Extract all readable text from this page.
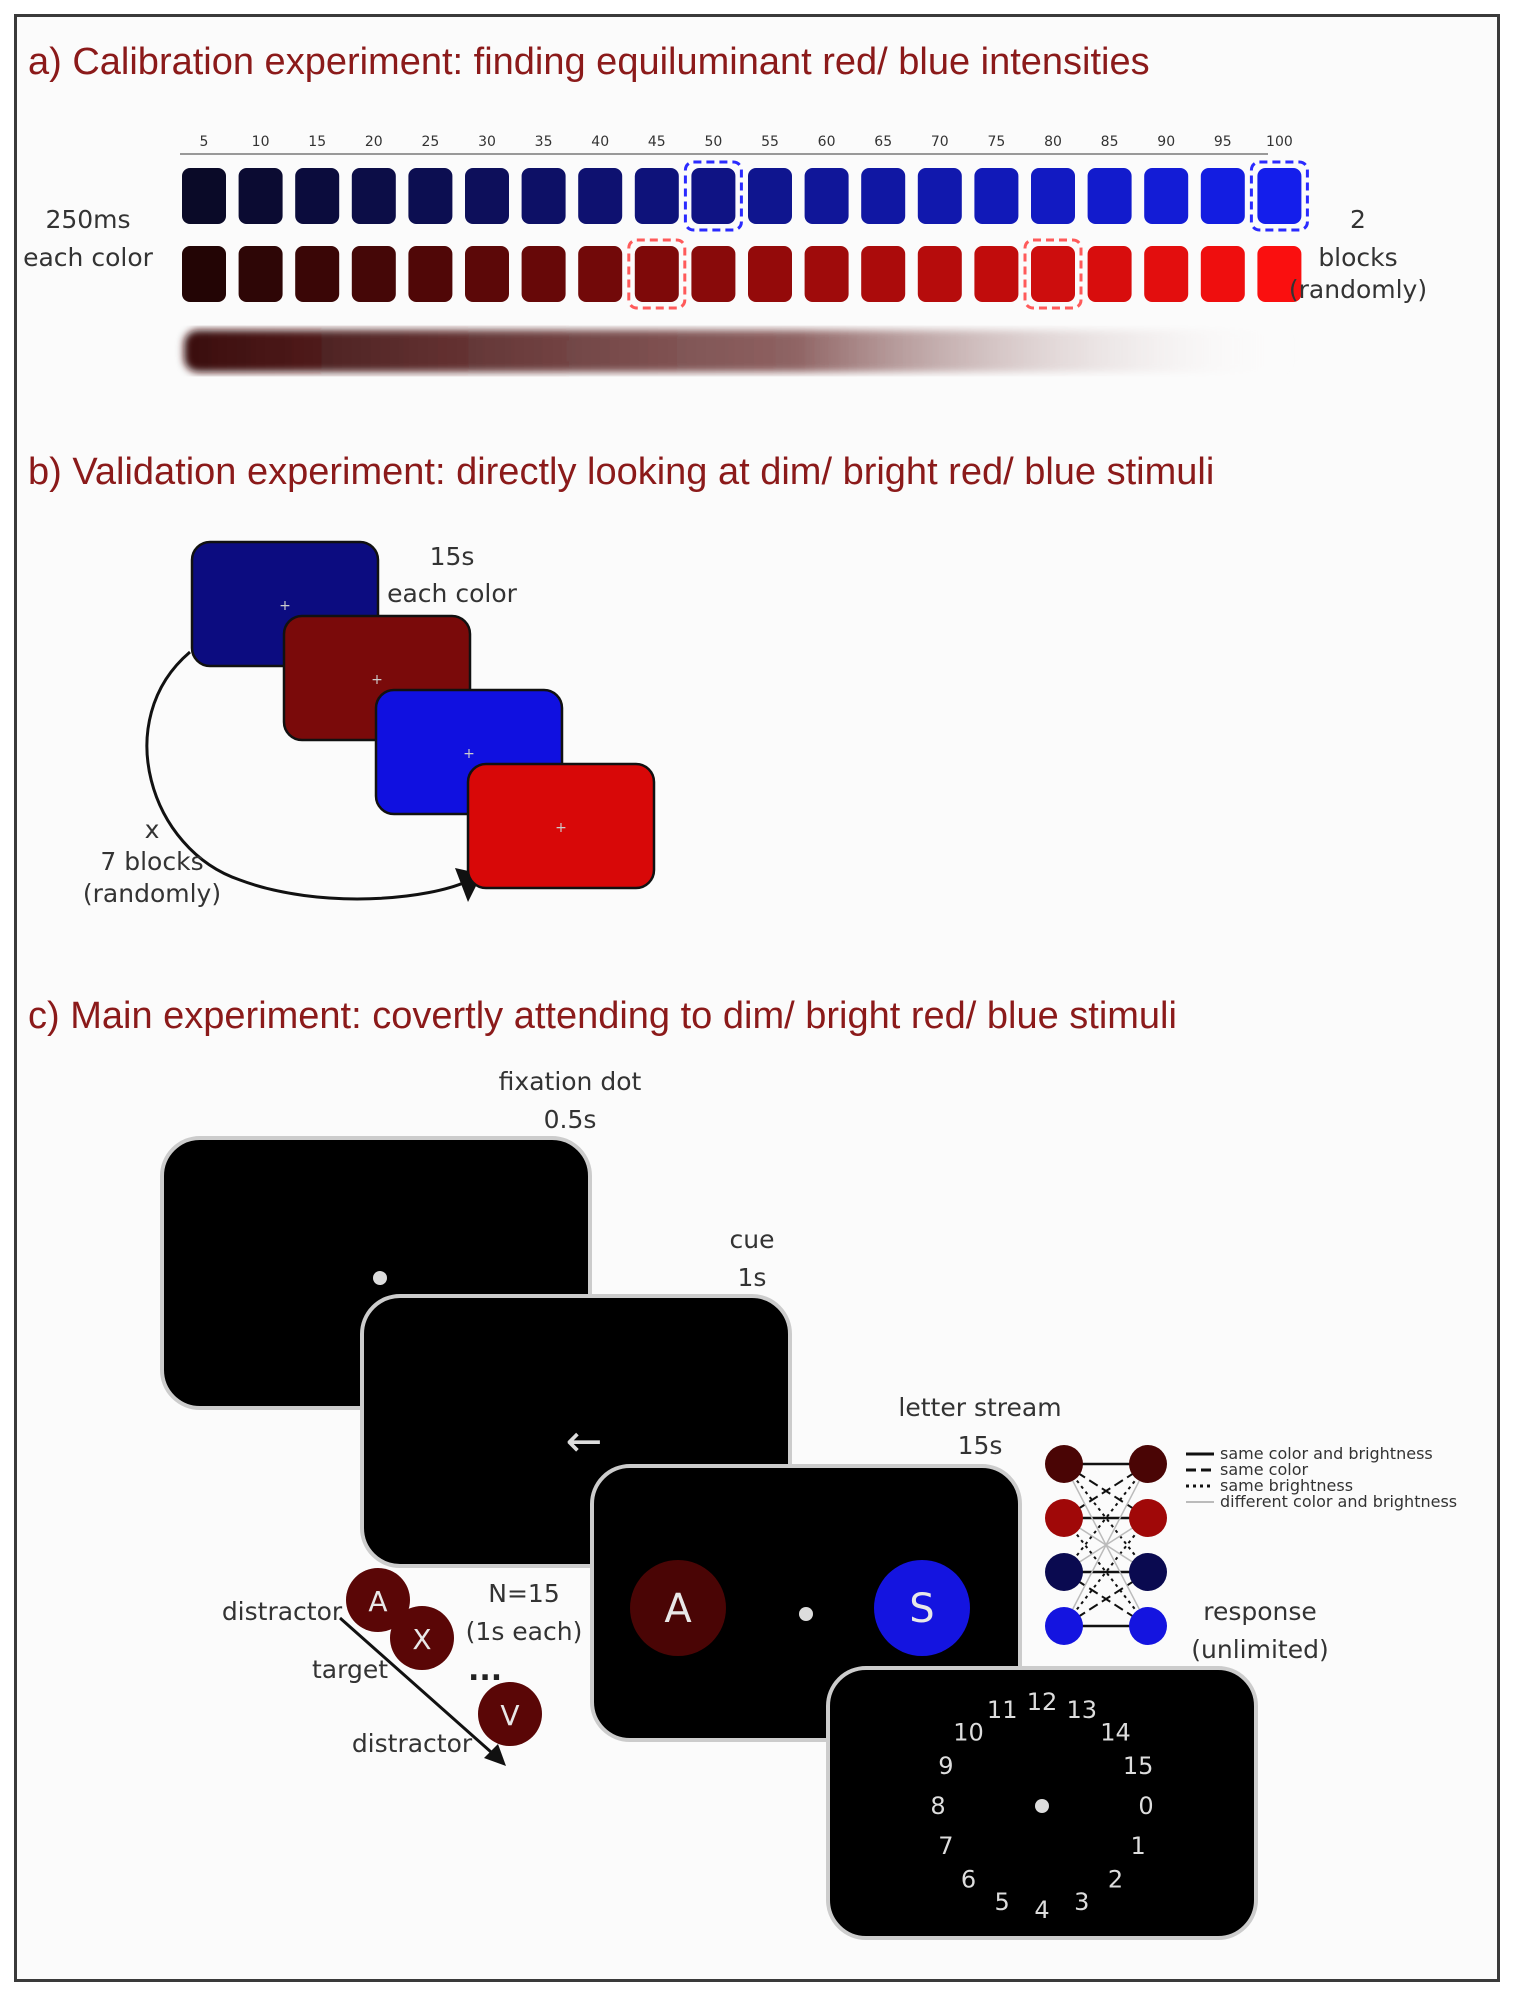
a) Calibration experiment: finding equiluminant red/ blue intensities
5	10	15	20	25	30	35	40	45	50	55	60	65	70	75	80	85	90	95 100
250ms
each color
2
blocks
(randomly)
b) Validation experiment: directly looking at dim/ bright red/ blue stimuli
+
+
+
+
15s
each color
x
7 blocks
(randomly)
c) Main experiment: covertly attending to dim/ bright red/ blue stimuli
fixation dot
0.5s
←
cue
1s
A	S
letter stream
15s
A
X
...
V
distractor
target
distractor
N=15
(1s each)
0
1
2
3
4
5
6
7
8
9
10
11 12 13
14
15
response
(unlimited)
same color and brightness
same color
same brightness
different color and brightness
